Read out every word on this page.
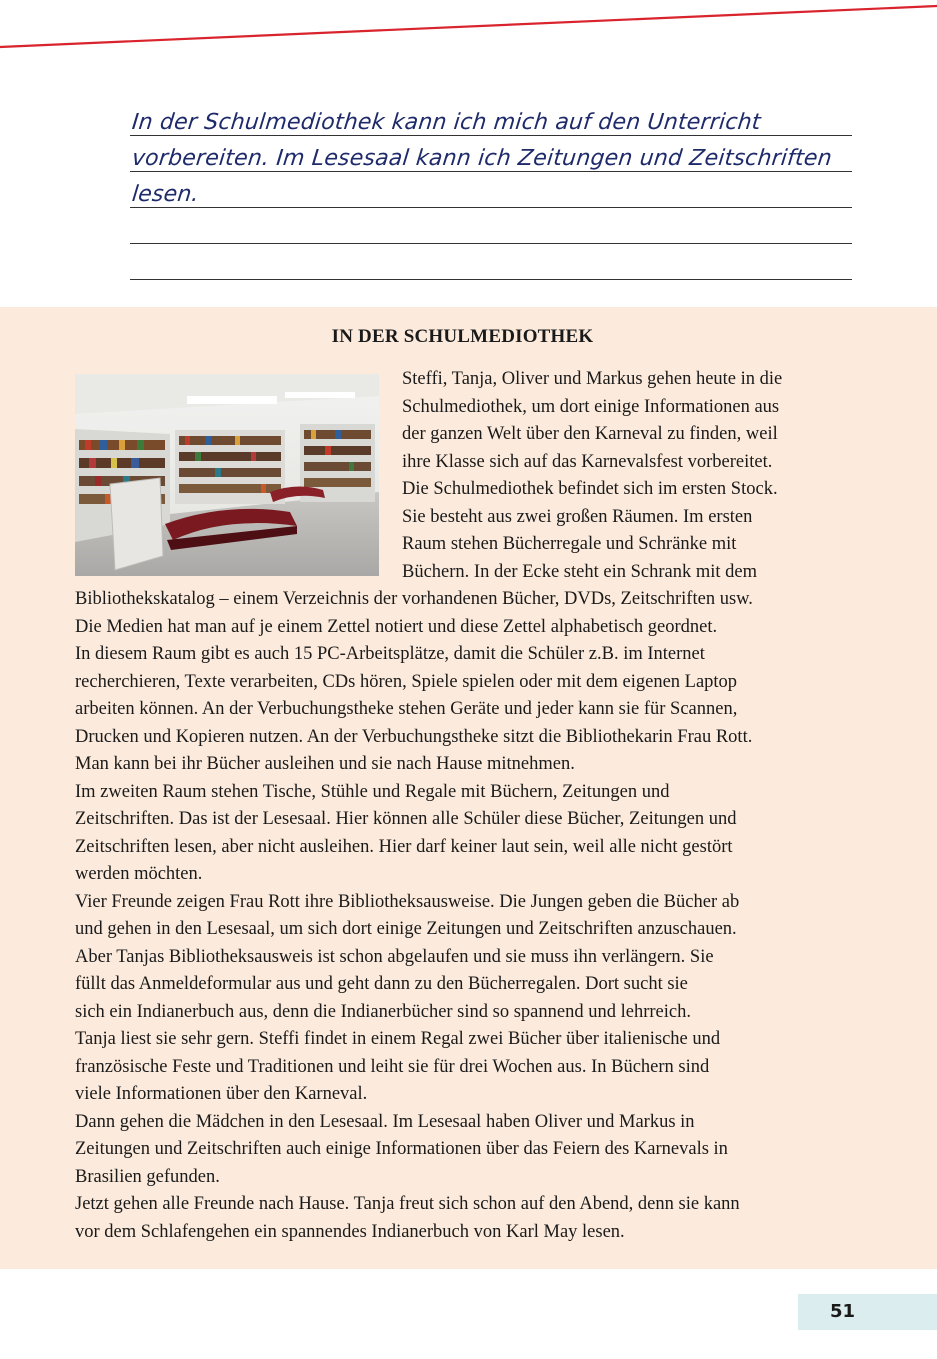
In der Schulmediothek kann ich mich auf den Unterricht
vorbereiten. Im Lesesaal kann ich Zeitungen und Zeitschriften
lesen.
IN DER SCHULMEDIOTHEK
Steffi, Tanja, Oliver und Markus gehen heute in die
Schulmediothek, um dort einige Informationen aus
der ganzen Welt über den Karneval zu finden, weil
ihre Klasse sich auf das Karnevalsfest vorbereitet.
Die Schulmediothek befindet sich im ersten Stock.
Sie besteht aus zwei großen Räumen. Im ersten
Raum stehen Bücherregale und Schränke mit
Büchern. In der Ecke steht ein Schrank mit dem
Bibliothekskatalog – einem Verzeichnis der vorhandenen Bücher, DVDs, Zeitschriften usw.
Die Medien hat man auf je einem Zettel notiert und diese Zettel alphabetisch geordnet.
In diesem Raum gibt es auch 15 PC-Arbeitsplätze, damit die Schüler z.B. im Internet
recherchieren, Texte verarbeiten, CDs hören, Spiele spielen oder mit dem eigenen Laptop
arbeiten können. An der Verbuchungstheke stehen Geräte und jeder kann sie für Scannen,
Drucken und Kopieren nutzen. An der Verbuchungstheke sitzt die Bibliothekarin Frau Rott.
Man kann bei ihr Bücher ausleihen und sie nach Hause mitnehmen.
Im zweiten Raum stehen Tische, Stühle und Regale mit Büchern, Zeitungen und
Zeitschriften. Das ist der Lesesaal. Hier können alle Schüler diese Bücher, Zeitungen und
Zeitschriften lesen, aber nicht ausleihen. Hier darf keiner laut sein, weil alle nicht gestört
werden möchten.
Vier Freunde zeigen Frau Rott ihre Bibliotheksausweise. Die Jungen geben die Bücher ab
und gehen in den Lesesaal, um sich dort einige Zeitungen und Zeitschriften anzuschauen.
Aber Tanjas Bibliotheksausweis ist schon abgelaufen und sie muss ihn verlängern. Sie
füllt das Anmeldeformular aus und geht dann zu den Bücherregalen. Dort sucht sie
sich ein Indianerbuch aus, denn die Indianerbücher sind so spannend und lehrreich.
Tanja liest sie sehr gern. Steffi findet in einem Regal zwei Bücher über italienische und
französische Feste und Traditionen und leiht sie für drei Wochen aus. In Büchern sind
viele Informationen über den Karneval.
Dann gehen die Mädchen in den Lesesaal. Im Lesesaal haben Oliver und Markus in
Zeitungen und Zeitschriften auch einige Informationen über das Feiern des Karnevals in
Brasilien gefunden.
Jetzt gehen alle Freunde nach Hause. Tanja freut sich schon auf den Abend, denn sie kann
vor dem Schlafengehen ein spannendes Indianerbuch von Karl May lesen.
51
